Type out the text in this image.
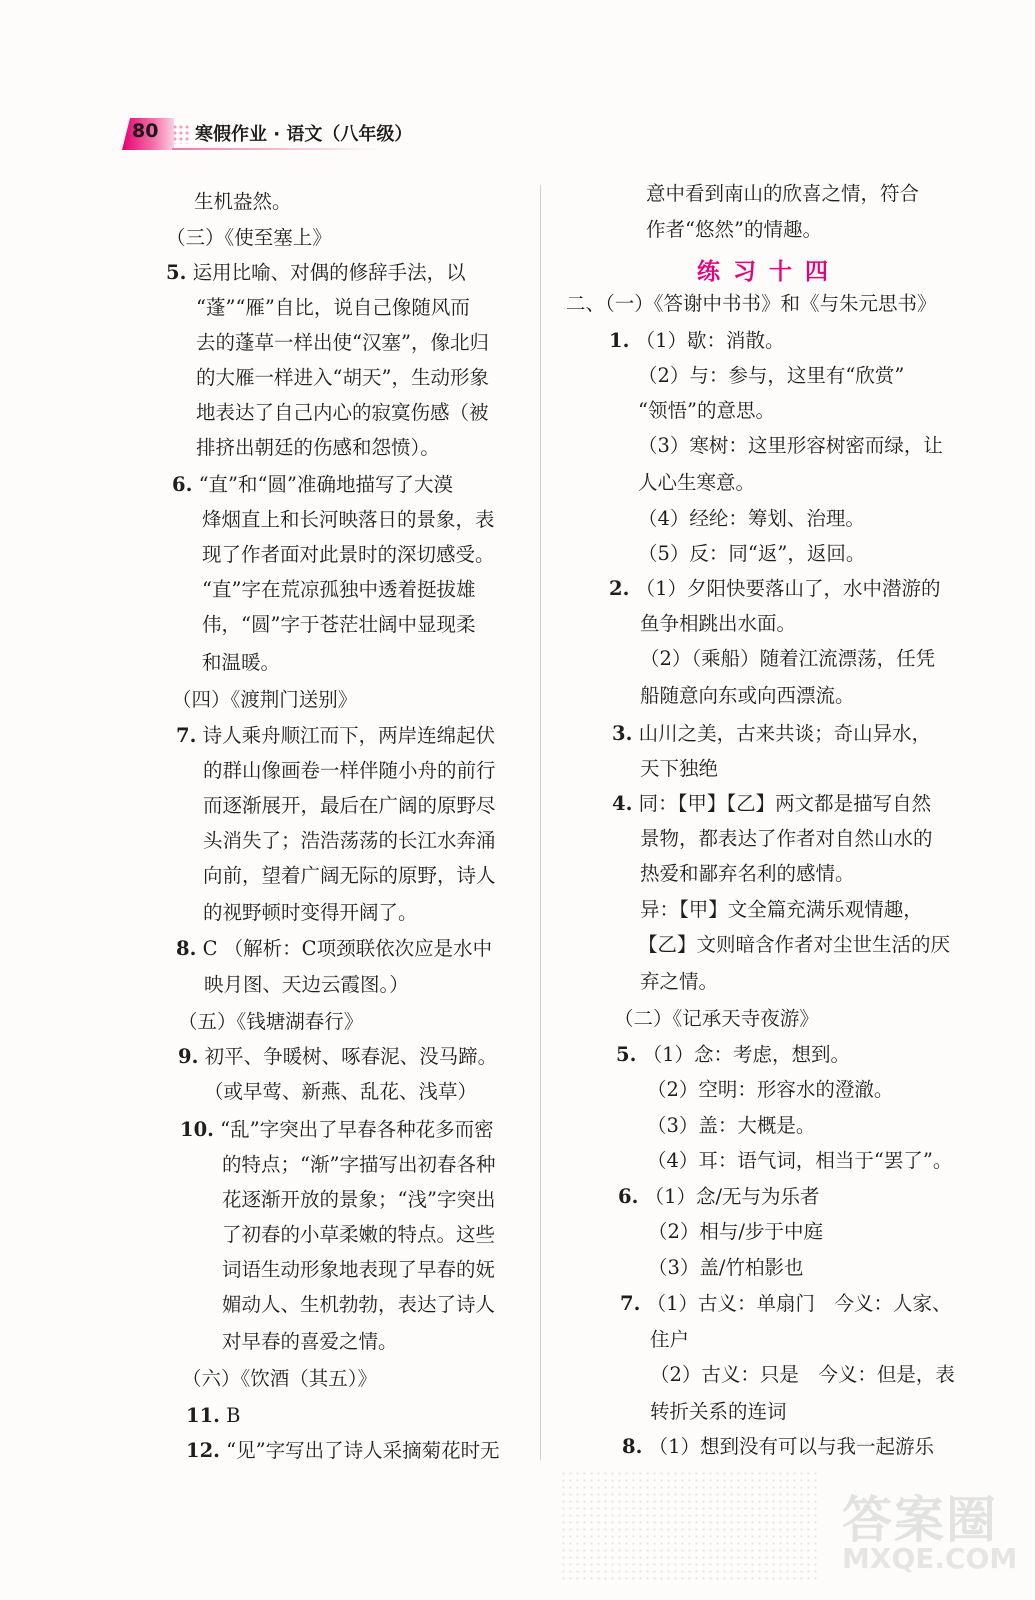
80 寒假作业 · 语文（八年级）
生机盎然。
（三）《使至塞上》
5. 运用比喻、对偶的修辞手法，以
“蓬”“雁”自比，说自己像随风而
去的蓬草一样出使“汉塞”，像北归
的大雁一样进入“胡天”，生动形象
地表达了自己内心的寂寞伤感（被
排挤出朝廷的伤感和怨愤）。
6. “直”和“圆”准确地描写了大漠
烽烟直上和长河映落日的景象，表
现了作者面对此景时的深切感受。
“直”字在荒凉孤独中透着挺拔雄
伟，“圆”字于苍茫壮阔中显现柔
和温暖。
（四）《渡荆门送别》
7. 诗人乘舟顺江而下，两岸连绵起伏
的群山像画卷一样伴随小舟的前行
而逐渐展开，最后在广阔的原野尽
头消失了；浩浩荡荡的长江水奔涌
向前，望着广阔无际的原野，诗人
的视野顿时变得开阔了。
8. C （解析：C项颈联依次应是水中
映月图、天边云霞图。）
（五）《钱塘湖春行》
9. 初平、争暖树、啄春泥、没马蹄。
（或早莺、新燕、乱花、浅草）
10. “乱”字突出了早春各种花多而密
的特点；“渐”字描写出初春各种
花逐渐开放的景象；“浅”字突出
了初春的小草柔嫩的特点。这些
词语生动形象地表现了早春的妩
媚动人、生机勃勃，表达了诗人
对早春的喜爱之情。
（六）《饮酒（其五）》
11. B
12. “见”字写出了诗人采摘菊花时无
意中看到南山的欣喜之情，符合
作者“悠然”的情趣。
练习十四
二、（一）《答谢中书书》和《与朱元思书》
1. （1）歇：消散。
（2）与：参与，这里有“欣赏”
“领悟”的意思。
（3）寒树：这里形容树密而绿，让
人心生寒意。
（4）经纶：筹划、治理。
（5）反：同“返”，返回。
2. （1）夕阳快要落山了，水中潜游的
鱼争相跳出水面。
（2）（乘船）随着江流漂荡，任凭
船随意向东或向西漂流。
3. 山川之美，古来共谈；奇山异水，
天下独绝
4. 同：【甲】【乙】两文都是描写自然
景物，都表达了作者对自然山水的
热爱和鄙弃名利的感情。
异：【甲】文全篇充满乐观情趣，
【乙】文则暗含作者对尘世生活的厌
弃之情。
（二）《记承天寺夜游》
5. （1）念：考虑，想到。
（2）空明：形容水的澄澈。
（3）盖：大概是。
（4）耳：语气词，相当于“罢了”。
6. （1）念/无与为乐者
（2）相与/步于中庭
（3）盖/竹柏影也
7. （1）古义：单扇门　今义：人家、
住户
（2）古义：只是　今义：但是，表
转折关系的连词
8. （1）想到没有可以与我一起游乐
答案圈
MXQE.COM
